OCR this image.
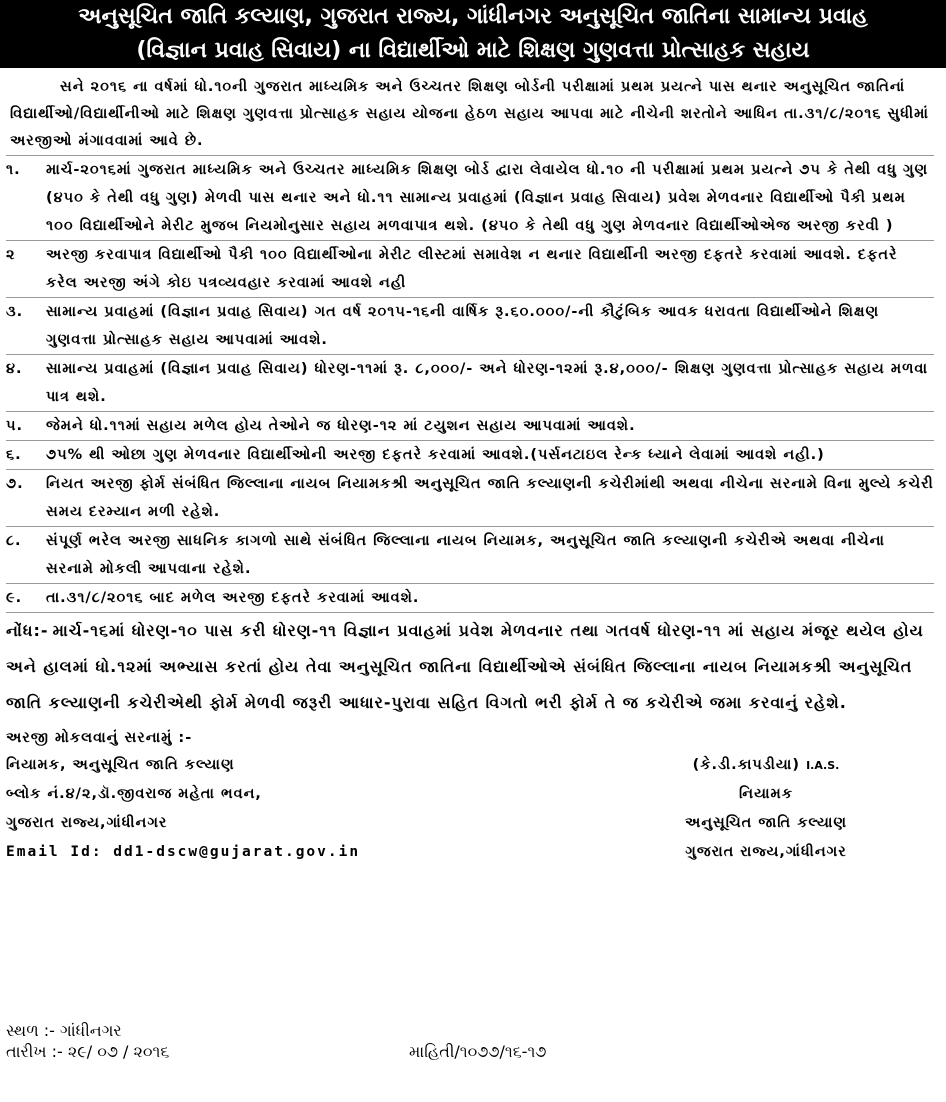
અનુસૂચિત જાતિ કલ્યાણ, ગુજરાત રાજ્ય, ગાંધીનગર અનુસૂચિત જાતિના સામાન્ય પ્રવાહ
(વિજ્ઞાન પ્રવાહ સિવાય) ના વિદ્યાર્થીઓ માટે શિક્ષણ ગુણવત્તા પ્રોત્સાહક સહાય
સને ૨૦૧૬ ના વર્ષમાં ધો.૧૦ની ગુજરાત માધ્યમિક અને ઉચ્ચતર શિક્ષણ બોર્ડની પરીક્ષામાં પ્રથમ પ્રયત્ને પાસ થનાર અનુસૂચિત જાતિનાં વિદ્યાર્થીઓ/વિદ્યાર્થીનીઓ માટે શિક્ષણ ગુણવત્તા પ્રોત્સાહક સહાય યોજના હેઠળ સહાય આપવા માટે નીચેની શરતોને આધિન તા.૩૧/૮/૨૦૧૬ સુધીમાં અરજીઓ મંગાવવામાં આવે છે.
૧.	માર્ચ-૨૦૧૬માં ગુજરાત માધ્યમિક અને ઉચ્ચતર માધ્યમિક શિક્ષણ બોર્ડ દ્વારા લેવાયેલ ધો.૧૦ ની પરીક્ષામાં પ્રથમ પ્રયત્ને ૭૫ કે તેથી વધુ ગુણ (૪૫૦ કે તેથી વધુ ગુણ) મેળવી પાસ થનાર અને ધો.૧૧ સામાન્ય પ્રવાહમાં (વિજ્ઞાન પ્રવાહ સિવાય) પ્રવેશ મેળવનાર વિદ્યાર્થીઓ પૈકી પ્રથમ ૧૦૦ વિદ્યાર્થીઓને મેરીટ મુજબ નિયમોનુસાર સહાય મળવાપાત્ર થશે. (૪૫૦ કે તેથી વધુ ગુણ મેળવનાર વિદ્યાર્થીઓએજ અરજી કરવી )
૨	અરજી કરવાપાત્ર વિદ્યાર્થીઓ પૈકી ૧૦૦ વિદ્યાર્થીઓના મેરીટ લીસ્ટમાં સમાવેશ ન થનાર વિદ્યાર્થીની અરજી દફતરે કરવામાં આવશે. દફતરે કરેલ અરજી અંગે કોઇ પત્રવ્યવહાર કરવામાં આવશે નહી
૩.	સામાન્ય પ્રવાહમાં (વિજ્ઞાન પ્રવાહ સિવાય) ગત વર્ષ ૨૦૧૫-૧૬ની વાર્ષિક રૂ.૬૦.૦૦૦/-ની કૌટુંબિક આવક ધરાવતા વિદ્યાર્થીઓને શિક્ષણ ગુણવત્તા પ્રોત્સાહક સહાય આપવામાં આવશે.
૪.	સામાન્ય પ્રવાહમાં (વિજ્ઞાન પ્રવાહ સિવાય) ધોરણ-૧૧માં રૂ. ૮,૦૦૦/- અને ધોરણ-૧૨માં રૂ.૪,૦૦૦/- શિક્ષણ ગુણવત્તા પ્રોત્સાહક સહાય મળવા પાત્ર થશે.
૫.	જેમને ધો.૧૧માં સહાય મળેલ હોય તેઓને જ ધોરણ-૧૨ માં ટયુશન સહાય આપવામાં આવશે.
૬.	૭૫% થી ઓછા ગુણ મેળવનાર વિદ્યાર્થીઓની અરજી દફતરે કરવામાં આવશે.(પર્સનટાઇલ રેન્ક ધ્યાને લેવામાં આવશે નહી.)
૭.	નિયત અરજી ફોર્મ સંબંધિત જિલ્લાના નાયબ નિયામકશ્રી અનુસૂચિત જાતિ કલ્યાણની કચેરીમાંથી અથવા નીચેના સરનામે વિના મુલ્યે કચેરી સમય દરમ્યાન મળી રહેશે.
૮.	સંપૂર્ણ ભરેલ અરજી સાધનિક કાગળો સાથે સંબંધિત જિલ્લાના નાયબ નિયામક, અનુસૂચિત જાતિ કલ્યાણની કચેરીએ અથવા નીચેના સરનામે મોકલી આપવાના રહેશે.
૯.	તા.૩૧/૮/૨૦૧૬ બાદ મળેલ અરજી દફતરે કરવામાં આવશે.
નોંધ:- માર્ચ-૧૬માં ધોરણ-૧૦ પાસ કરી ધોરણ-૧૧ વિજ્ઞાન પ્રવાહમાં પ્રવેશ મેળવનાર તથા ગતવર્ષ ધોરણ-૧૧ માં સહાય મંજૂર થયેલ હોય અને હાલમાં ધો.૧૨માં અભ્યાસ કરતાં હોય તેવા અનુસૂચિત જાતિના વિદ્યાર્થીઓએ સંબંધિત જિલ્લાના નાયબ નિયામકશ્રી અનુસૂચિત જાતિ કલ્યાણની કચેરીએથી ફોર્મ મેળવી જરૂરી આધાર-પુરાવા સહિત વિગતો ભરી ફોર્મ તે જ કચેરીએ જમા કરવાનું રહેશે.
અરજી મોકલવાનું સરનામું :-
નિયામક, અનુસૂચિત જાતિ કલ્યાણ
બ્લોક નં.૪/૨,ડૉ.જીવરાજ મહેતા ભવન,
ગુજરાત રાજ્ય,ગાંધીનગર
Email Id: dd1-dscw@gujarat.gov.in
(કે.ડી.કાપડીયા) I.A.S.
નિયામક
અનુસૂચિત જાતિ કલ્યાણ
ગુજરાત રાજ્ય,ગાંધીનગર
સ્થળ :- ગાંધીનગર
તારીખ :- ૨૯/ ૦૭ / ૨૦૧૬	માહિતી/૧૦૭૭/૧૬-૧૭
